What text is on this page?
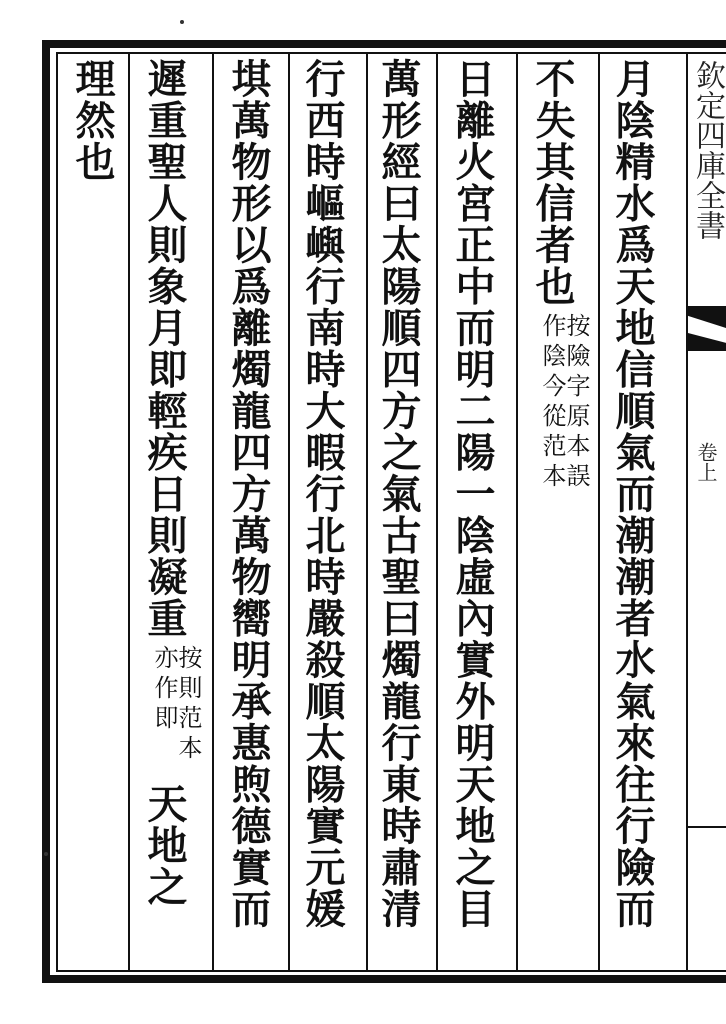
欽定四庫全書
卷上
月陰精水爲天地信順氣而潮潮者水氣來往行險而
不失其信者也
按險字原本誤
作陰今從范本
日離火宮正中而明二陽一陰虛內實外明天地之目
萬形經曰太陽順四方之氣古聖曰燭龍行東時肅清
行西時嶇嶼行南時大暇行北時嚴殺順太陽實元媛
㙋萬物形以爲離燭龍四方萬物嚮明承惠煦德實而
遲重聖人則象月即輕疾日則凝重
按則范本
亦作即
天地之
理然也
